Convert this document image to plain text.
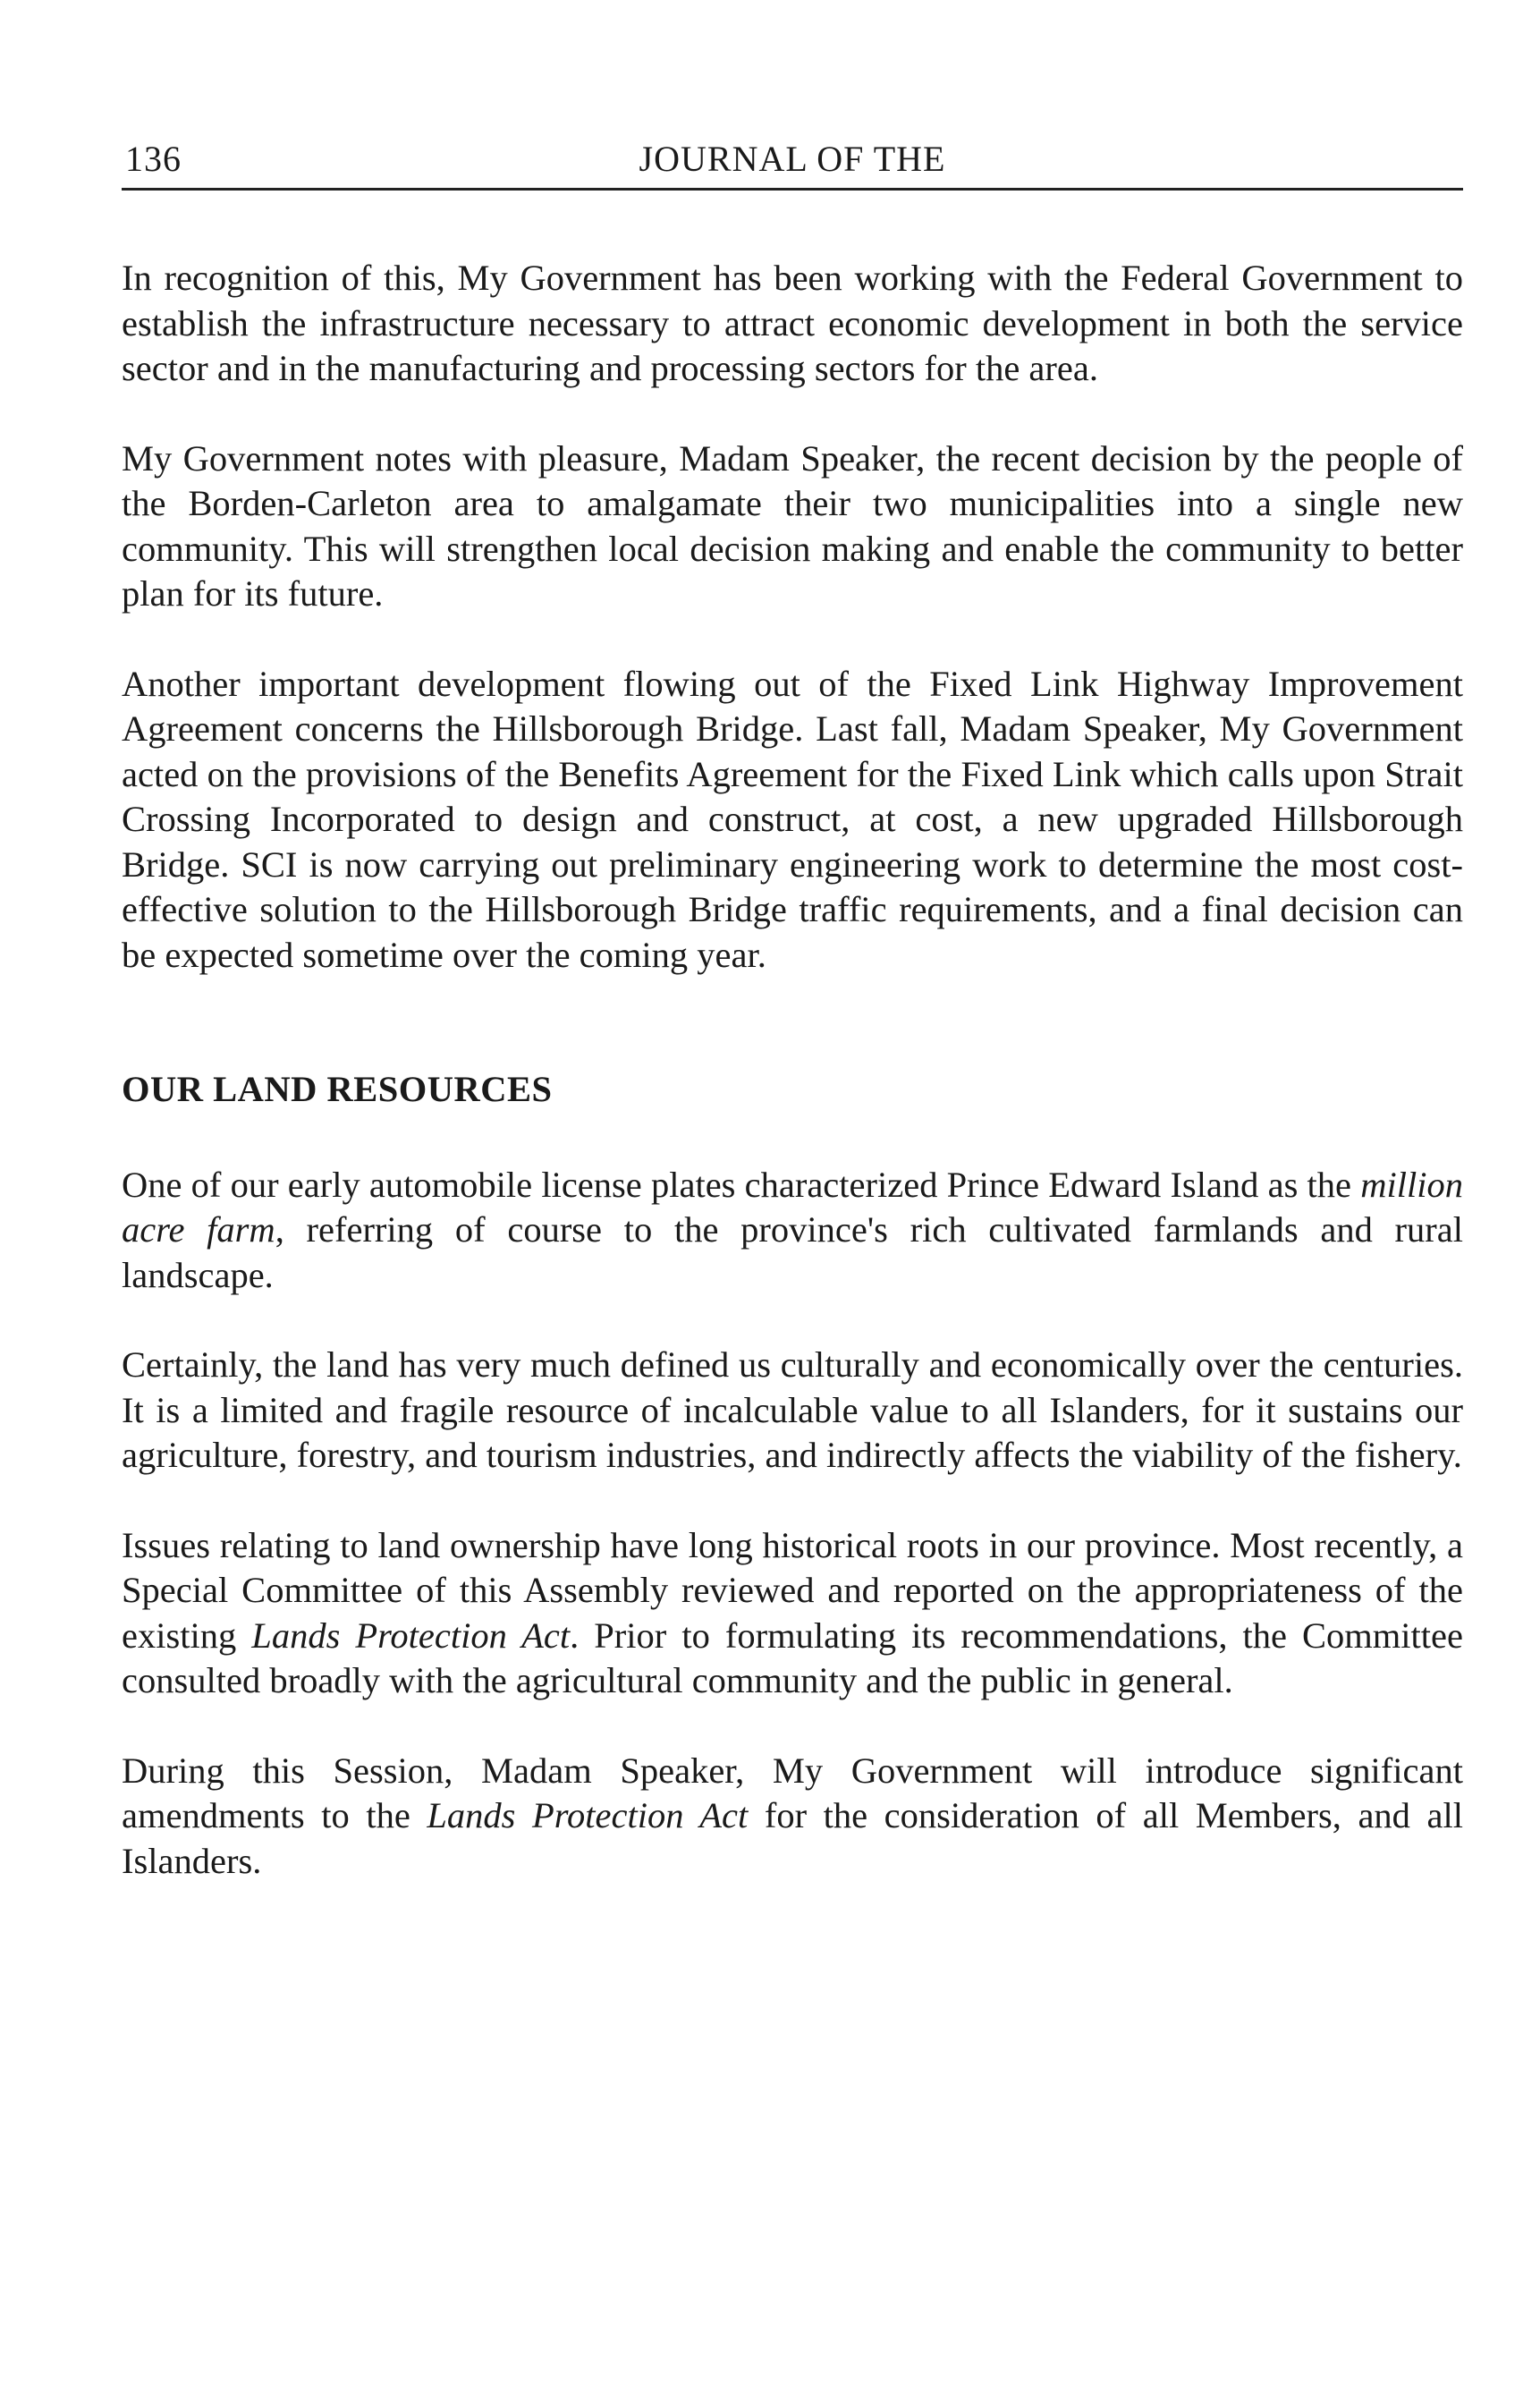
136	JOURNAL OF THE

In recognition of this, My Government has been working with the Federal Government to establish the infrastructure necessary to attract economic development in both the service sector and in the manufacturing and processing sectors for the area.

My Government notes with pleasure, Madam Speaker, the recent decision by the people of the Borden-Carleton area to amalgamate their two municipalities into a single new community. This will strengthen local decision making and enable the community to better plan for its future.

Another important development flowing out of the Fixed Link Highway Improvement Agreement concerns the Hillsborough Bridge. Last fall, Madam Speaker, My Government acted on the provisions of the Benefits Agreement for the Fixed Link which calls upon Strait Crossing Incorporated to design and construct, at cost, a new upgraded Hillsborough Bridge. SCI is now carrying out preliminary engineering work to determine the most cost-effective solution to the Hillsborough Bridge traffic requirements, and a final decision can be expected sometime over the coming year.

OUR LAND RESOURCES

One of our early automobile license plates characterized Prince Edward Island as the million acre farm, referring of course to the province's rich cultivated farmlands and rural landscape.

Certainly, the land has very much defined us culturally and economically over the centuries. It is a limited and fragile resource of incalculable value to all Islanders, for it sustains our agriculture, forestry, and tourism industries, and indirectly affects the viability of the fishery.

Issues relating to land ownership have long historical roots in our province. Most recently, a Special Committee of this Assembly reviewed and reported on the appropriateness of the existing Lands Protection Act. Prior to formulating its recommendations, the Committee consulted broadly with the agricultural community and the public in general.

During this Session, Madam Speaker, My Government will introduce significant amendments to the Lands Protection Act for the consideration of all Members, and all Islanders.
